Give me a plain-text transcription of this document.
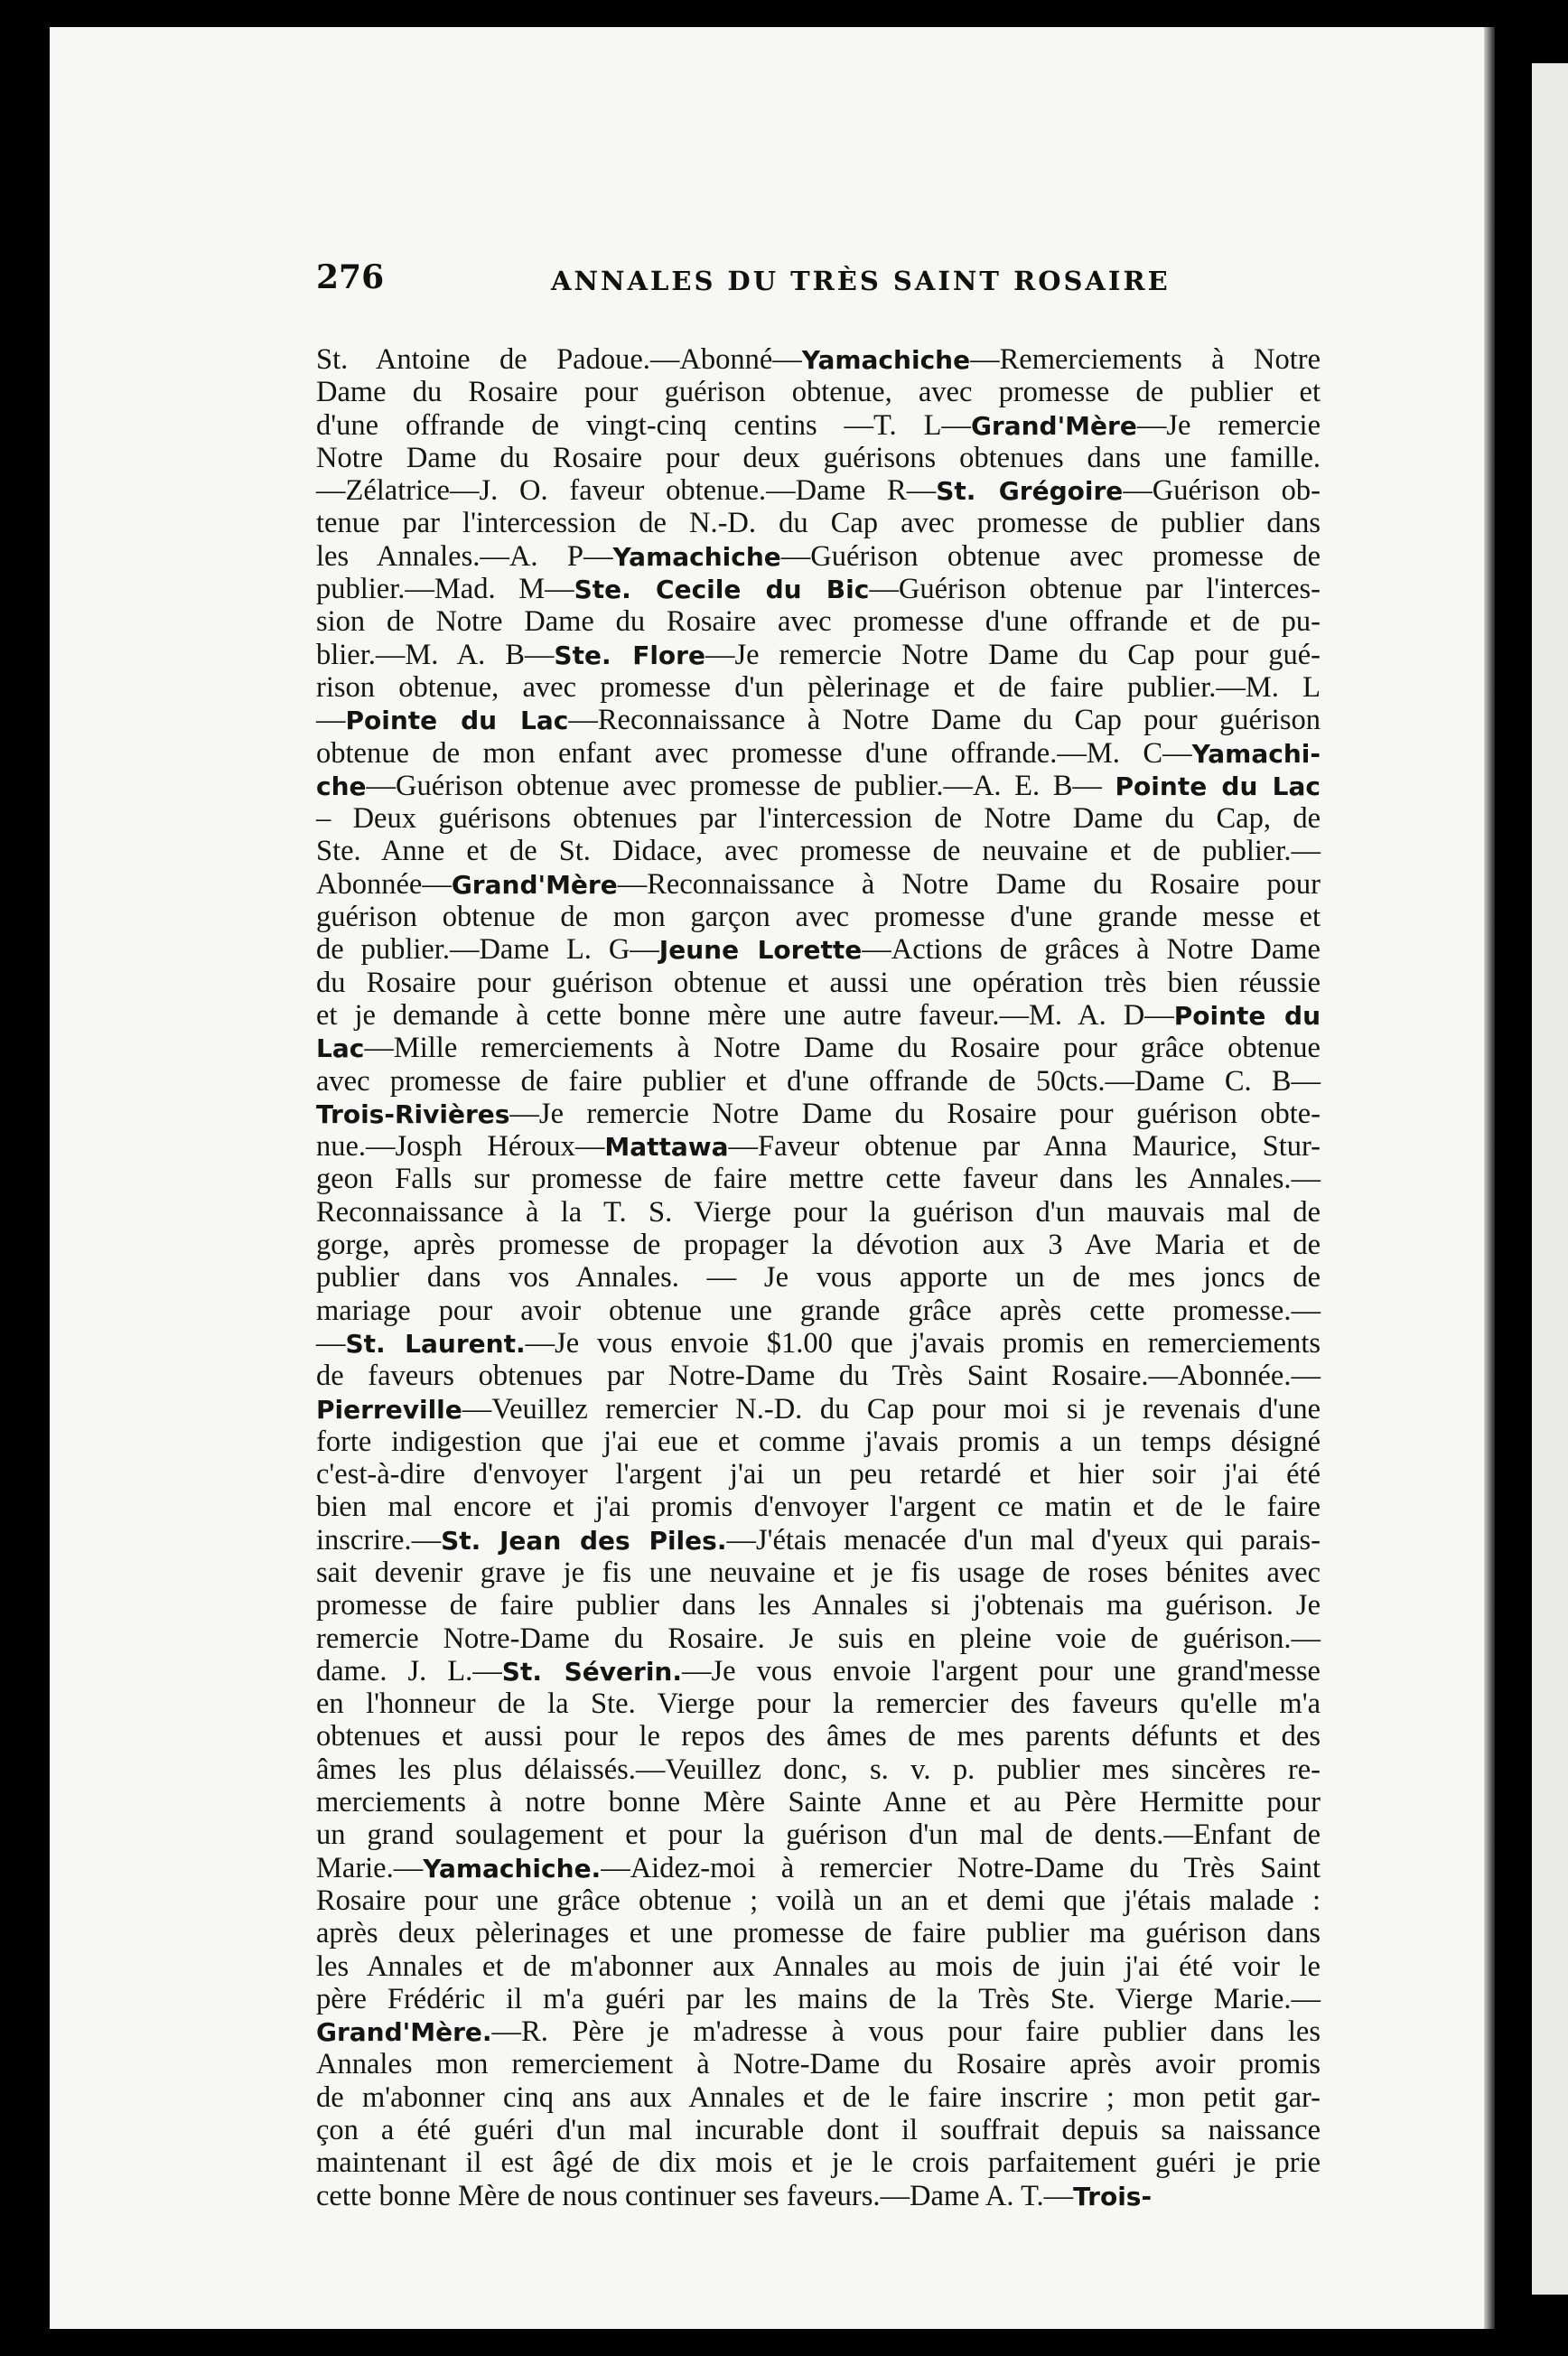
276	ANNALES DU TRÈS SAINT ROSAIRE
St. Antoine de Padoue.—Abonné—Yamachiche—Remerciements à Notre
Dame du Rosaire pour guérison obtenue, avec promesse de publier et
d'une offrande de vingt-cinq centins —T. L—Grand'Mère—Je remercie
Notre Dame du Rosaire pour deux guérisons obtenues dans une famille.
—Zélatrice—J. O. faveur obtenue.—Dame R—St. Grégoire—Guérison ob-
tenue par l'intercession de N.-D. du Cap avec promesse de publier dans
les Annales.—A. P—Yamachiche—Guérison obtenue avec promesse de
publier.—Mad. M—Ste. Cecile du Bic—Guérison obtenue par l'interces-
sion de Notre Dame du Rosaire avec promesse d'une offrande et de pu-
blier.—M. A. B—Ste. Flore—Je remercie Notre Dame du Cap pour gué-
rison obtenue, avec promesse d'un pèlerinage et de faire publier.—M. L
—Pointe du Lac—Reconnaissance à Notre Dame du Cap pour guérison
obtenue de mon enfant avec promesse d'une offrande.—M. C—Yamachi-
che—Guérison obtenue avec promesse de publier.—A. E. B— Pointe du Lac
– Deux guérisons obtenues par l'intercession de Notre Dame du Cap, de
Ste. Anne et de St. Didace, avec promesse de neuvaine et de publier.—
Abonnée—Grand'Mère—Reconnaissance à Notre Dame du Rosaire pour
guérison obtenue de mon garçon avec promesse d'une grande messe et
de publier.—Dame L. G—Jeune Lorette—Actions de grâces à Notre Dame
du Rosaire pour guérison obtenue et aussi une opération très bien réussie
et je demande à cette bonne mère une autre faveur.—M. A. D—Pointe du
Lac—Mille remerciements à Notre Dame du Rosaire pour grâce obtenue
avec promesse de faire publier et d'une offrande de 50cts.—Dame C. B—
Trois-Rivières—Je remercie Notre Dame du Rosaire pour guérison obte-
nue.—Josph Héroux—Mattawa—Faveur obtenue par Anna Maurice, Stur-
geon Falls sur promesse de faire mettre cette faveur dans les Annales.—
Reconnaissance à la T. S. Vierge pour la guérison d'un mauvais mal de
gorge, après promesse de propager la dévotion aux 3 Ave Maria et de
publier dans vos Annales. — Je vous apporte un de mes joncs de
mariage pour avoir obtenue une grande grâce après cette promesse.—
—St. Laurent.—Je vous envoie $1.00 que j'avais promis en remerciements
de faveurs obtenues par Notre-Dame du Très Saint Rosaire.—Abonnée.—
Pierreville—Veuillez remercier N.-D. du Cap pour moi si je revenais d'une
forte indigestion que j'ai eue et comme j'avais promis a un temps désigné
c'est-à-dire d'envoyer l'argent j'ai un peu retardé et hier soir j'ai été
bien mal encore et j'ai promis d'envoyer l'argent ce matin et de le faire
inscrire.—St. Jean des Piles.—J'étais menacée d'un mal d'yeux qui parais-
sait devenir grave je fis une neuvaine et je fis usage de roses bénites avec
promesse de faire publier dans les Annales si j'obtenais ma guérison. Je
remercie Notre-Dame du Rosaire. Je suis en pleine voie de guérison.—
dame. J. L.—St. Séverin.—Je vous envoie l'argent pour une grand'messe
en l'honneur de la Ste. Vierge pour la remercier des faveurs qu'elle m'a
obtenues et aussi pour le repos des âmes de mes parents défunts et des
âmes les plus délaissés.—Veuillez donc, s. v. p. publier mes sincères re-
merciements à notre bonne Mère Sainte Anne et au Père Hermitte pour
un grand soulagement et pour la guérison d'un mal de dents.—Enfant de
Marie.—Yamachiche.—Aidez-moi à remercier Notre-Dame du Très Saint
Rosaire pour une grâce obtenue ; voilà un an et demi que j'étais malade :
après deux pèlerinages et une promesse de faire publier ma guérison dans
les Annales et de m'abonner aux Annales au mois de juin j'ai été voir le
père Frédéric il m'a guéri par les mains de la Très Ste. Vierge Marie.—
Grand'Mère.—R. Père je m'adresse à vous pour faire publier dans les
Annales mon remerciement à Notre-Dame du Rosaire après avoir promis
de m'abonner cinq ans aux Annales et de le faire inscrire ; mon petit gar-
çon a été guéri d'un mal incurable dont il souffrait depuis sa naissance
maintenant il est âgé de dix mois et je le crois parfaitement guéri je prie
cette bonne Mère de nous continuer ses faveurs.—Dame A. T.—Trois-
